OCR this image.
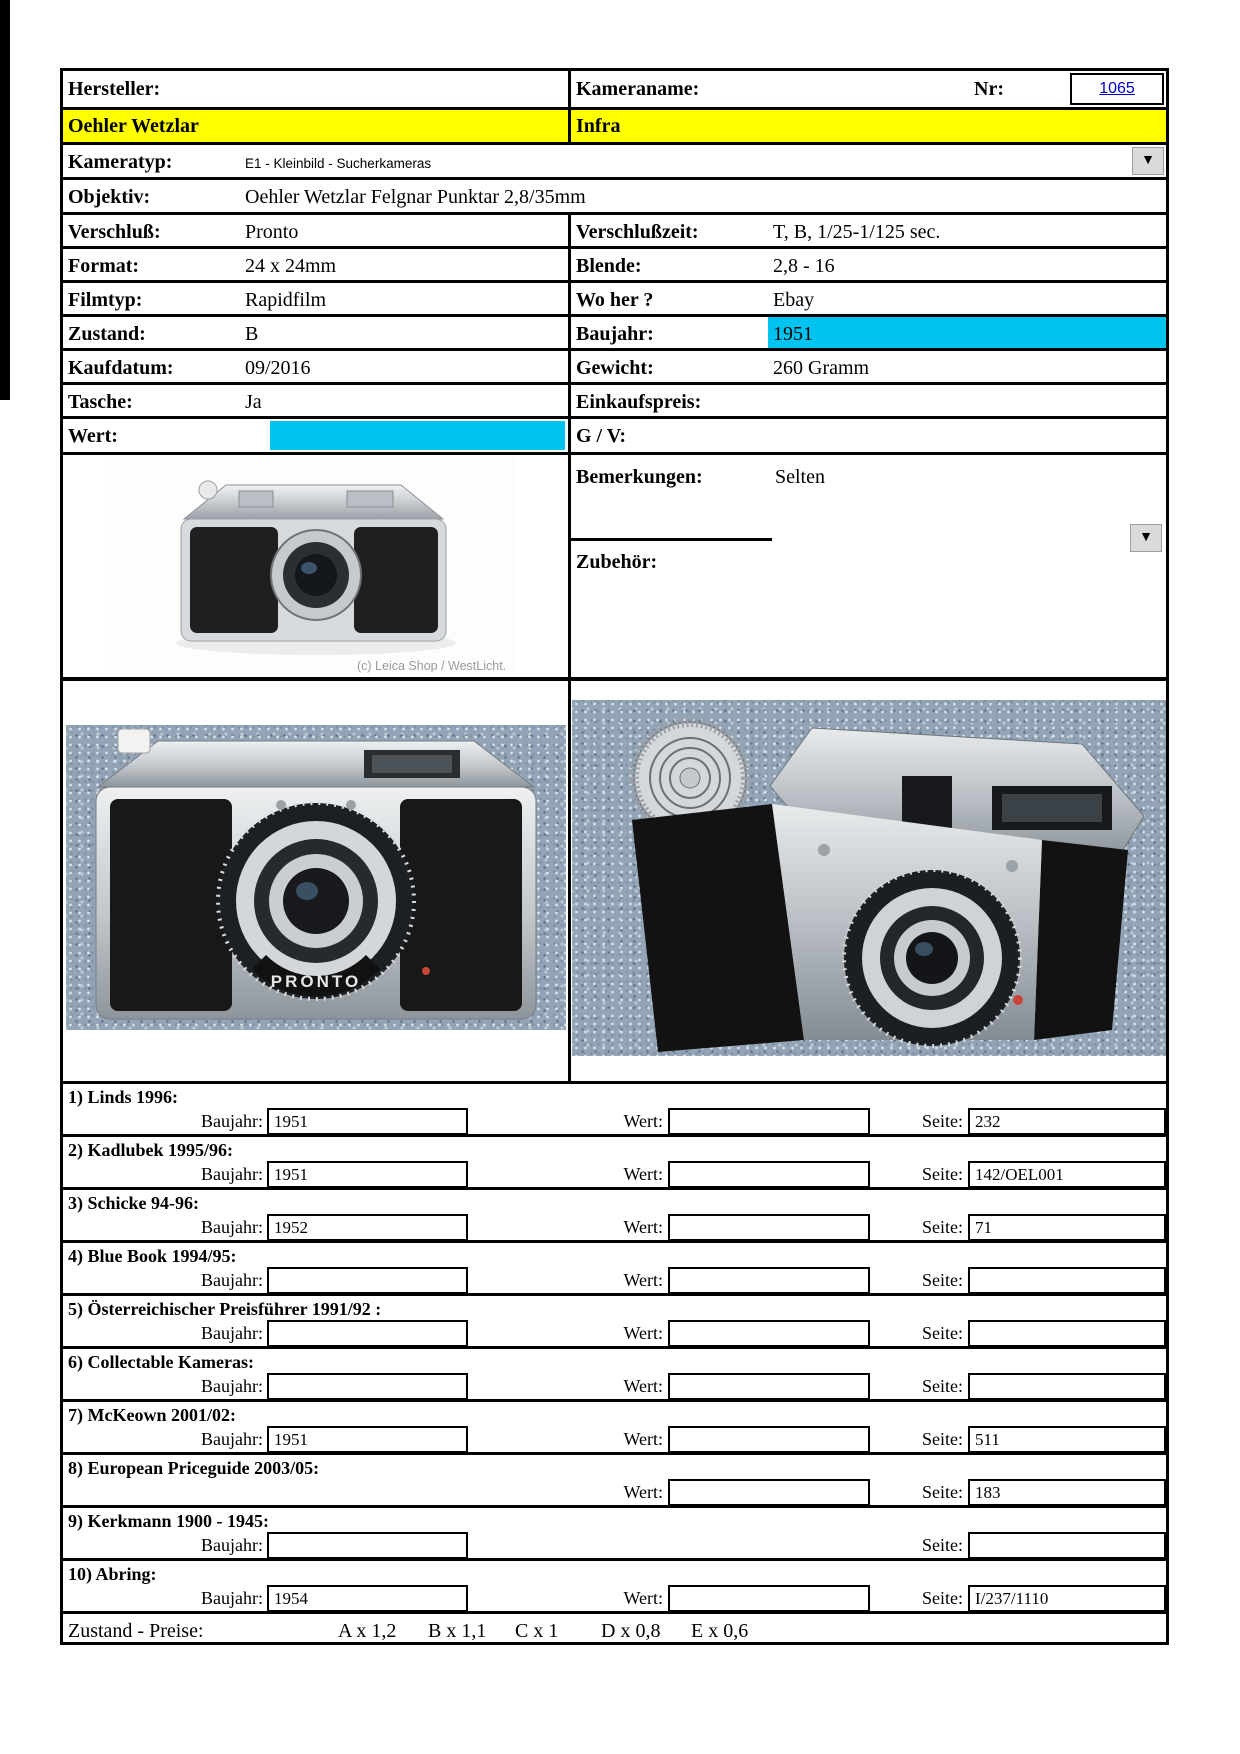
Hersteller:	Kameraname:	Nr:	1065
Oehler Wetzlar	Infra
Kameratyp:	E1 - Kleinbild - Sucherkameras	▼
Objektiv:	Oehler Wetzlar Felgnar Punktar 2,8/35mm
Verschluß:	Pronto	Verschlußzeit:	T, B, 1/25-1/125 sec.
Format:	24 x 24mm	Blende:	2,8 - 16
Filmtyp:	Rapidfilm	Wo her ?	Ebay
Zustand:	B	Baujahr:	1951
Kaufdatum:	09/2016	Gewicht:	260 Gramm
Tasche:	Ja	Einkaufspreis:
Wert:	G / V:
(c) Leica Shop / WestLicht.
Bemerkungen:	Selten
Zubehör:
▼
PRONTO
1) Linds 1996:
Baujahr: 1951	Wert:	Seite: 232
2) Kadlubek 1995/96:
Baujahr: 1951	Wert:	Seite: 142/OEL001
3) Schicke 94-96:
Baujahr: 1952	Wert:	Seite: 71
4) Blue Book 1994/95:
Baujahr:	Wert:	Seite:
5) Österreichischer Preisführer 1991/92 :
Baujahr:	Wert:	Seite:
6) Collectable Kameras:
Baujahr:	Wert:	Seite:
7) McKeown 2001/02:
Baujahr: 1951	Wert:	Seite: 511
8) European Priceguide 2003/05:
Wert:	Seite: 183
9) Kerkmann 1900 - 1945:
Baujahr:	Seite:
10) Abring:
Baujahr: 1954	Wert:	Seite: I/237/1110
Zustand - Preise:	A x 1,2 B x 1,1 C x 1 D x 0,8 E x 0,6
